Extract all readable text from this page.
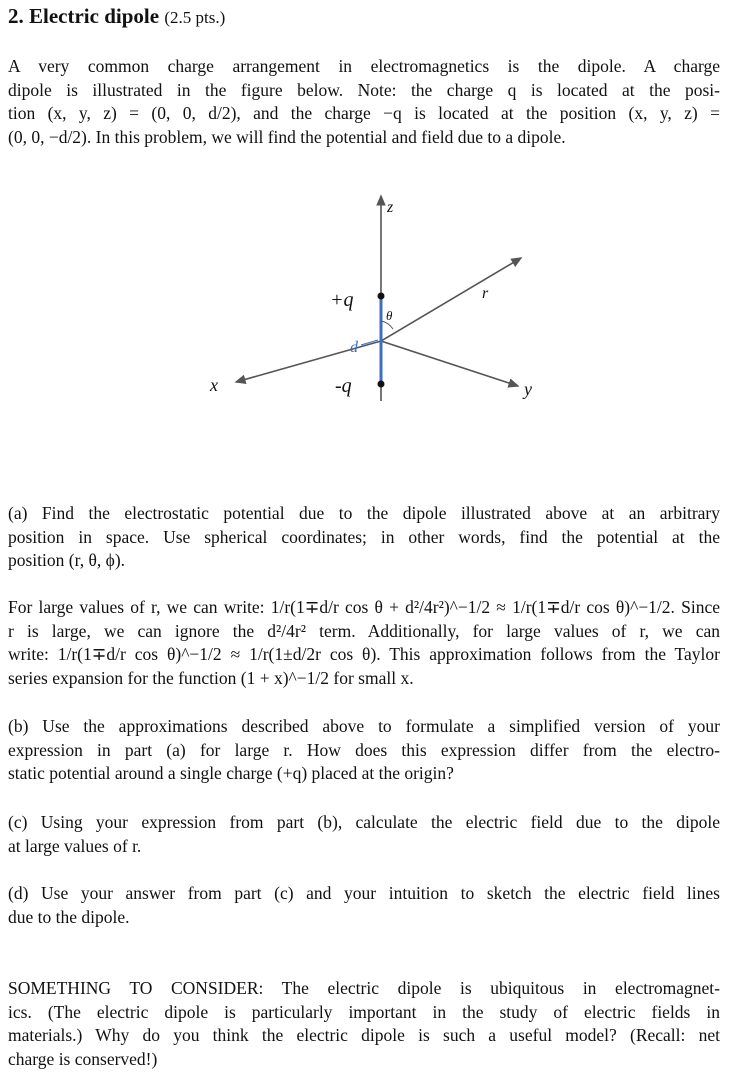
2. Electric dipole (2.5 pts.)
A very common charge arrangement in electromagnetics is the dipole. A charge
dipole is illustrated in the figure below. Note: the charge q is located at the posi-
tion (x, y, z) = (0, 0, d/2), and the charge −q is located at the position (x, y, z) =
(0, 0, −d/2). In this problem, we will find the potential and field due to a dipole.
z
x	y
r
θ
d
+q
-q
(a) Find the electrostatic potential due to the dipole illustrated above at an arbitrary
position in space. Use spherical coordinates; in other words, find the potential at the
position (r, θ, ϕ).
For large values of r, we can write: 1/r(1∓d/r cos θ + d²/4r²)^−1/2 ≈ 1/r(1∓d/r cos θ)^−1/2. Since
r is large, we can ignore the d²/4r² term. Additionally, for large values of r, we can
write: 1/r(1∓d/r cos θ)^−1/2 ≈ 1/r(1±d/2r cos θ). This approximation follows from the Taylor
series expansion for the function (1 + x)^−1/2 for small x.
(b) Use the approximations described above to formulate a simplified version of your
expression in part (a) for large r. How does this expression differ from the electro-
static potential around a single charge (+q) placed at the origin?
(c) Using your expression from part (b), calculate the electric field due to the dipole
at large values of r.
(d) Use your answer from part (c) and your intuition to sketch the electric field lines
due to the dipole.
SOMETHING TO CONSIDER: The electric dipole is ubiquitous in electromagnet-
ics. (The electric dipole is particularly important in the study of electric fields in
materials.) Why do you think the electric dipole is such a useful model? (Recall: net
charge is conserved!)
